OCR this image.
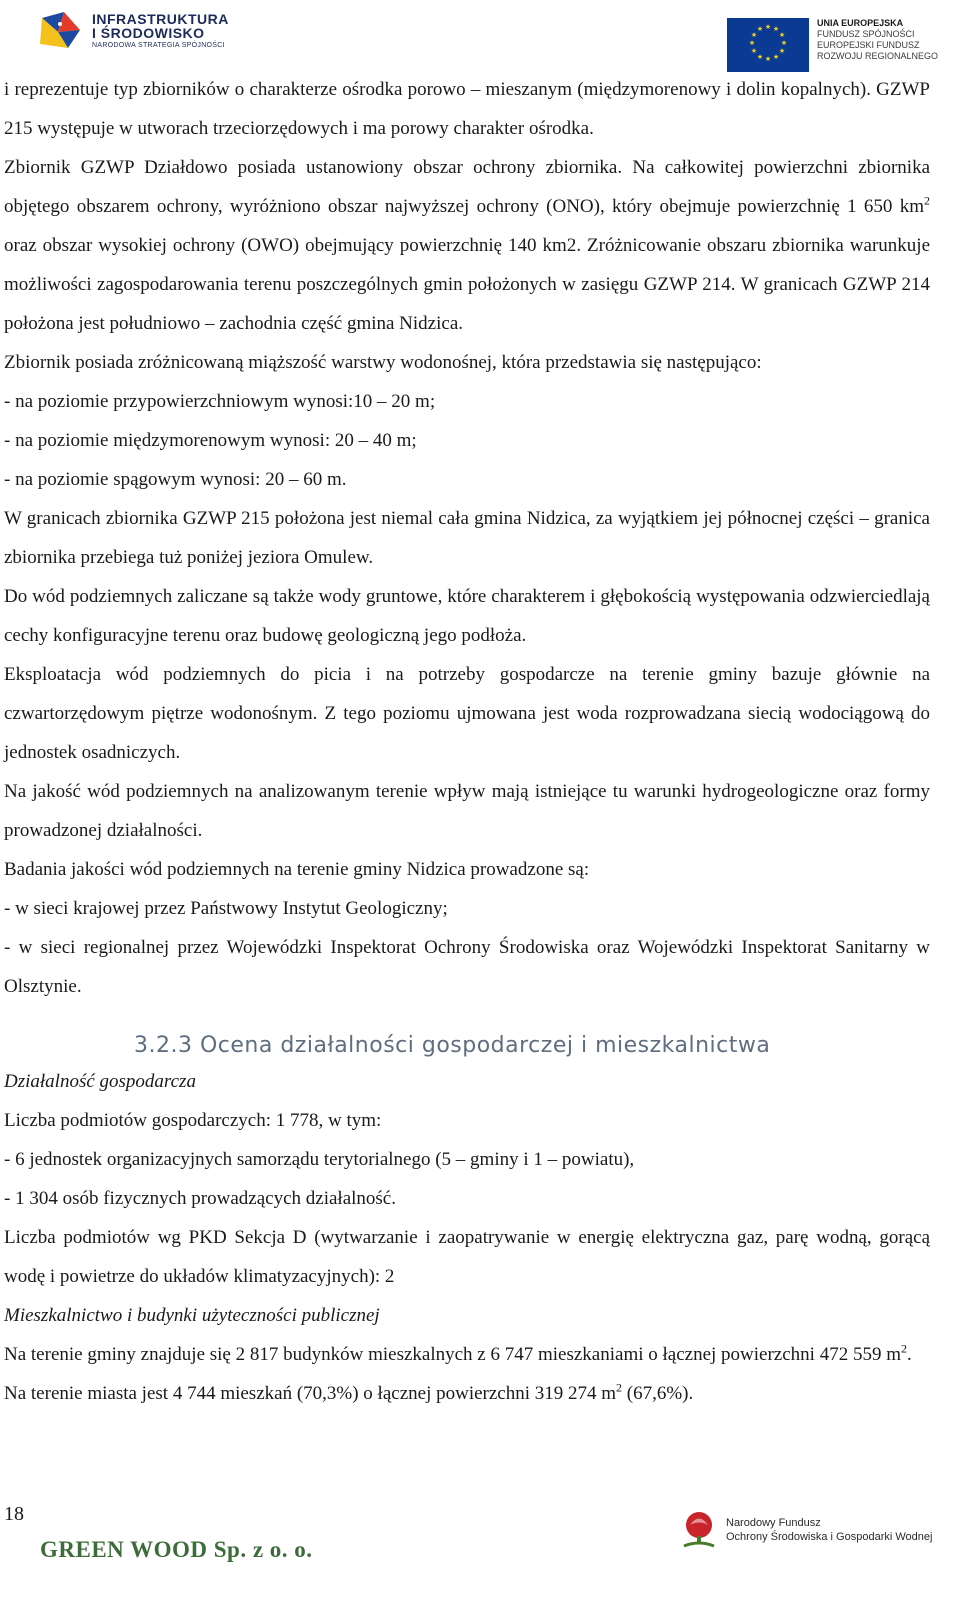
INFRASTRUKTURA
I ŚRODOWISKO
NARODOWA STRATEGIA SPÓJNOŚCI
★ ★
★
★
★
★
★
★
★
★
★
★
UNIA EUROPEJSKA
FUNDUSZ SPÓJNOŚCI
EUROPEJSKI FUNDUSZ
ROZWOJU REGIONALNEGO

i reprezentuje typ zbiorników o charakterze ośrodka porowo – mieszanym (międzymorenowy i dolin kopalnych). GZWP 215 występuje w utworach trzeciorzędowych i ma porowy charakter ośrodka.

Zbiornik GZWP Działdowo posiada ustanowiony obszar ochrony zbiornika. Na całkowitej powierzchni zbiornika objętego obszarem ochrony, wyróżniono obszar najwyższej ochrony (ONO), który obejmuje powierzchnię 1 650 $km^2$ oraz obszar wysokiej ochrony (OWO) obejmujący powierzchnię 140 km2. Zróżnicowanie obszaru zbiornika warunkuje możliwości zagospodarowania terenu poszczególnych gmin położonych w zasięgu GZWP 214. W granicach GZWP 214 położona jest południowo – zachodnia część gmina Nidzica.

Zbiornik posiada zróżnicowaną miąższość warstwy wodonośnej, która przedstawia się następująco:

- na poziomie przypowierzchniowym wynosi:10 – 20 m;

- na poziomie międzymorenowym wynosi: 20 – 40 m;

- na poziomie spągowym wynosi: 20 – 60 m.

W granicach zbiornika GZWP 215 położona jest niemal cała gmina Nidzica, za wyjątkiem jej północnej części – granica zbiornika przebiega tuż poniżej jeziora Omulew.

Do wód podziemnych zaliczane są także wody gruntowe, które charakterem i głębokością występowania odzwierciedlają cechy konfiguracyjne terenu oraz budowę geologiczną jego podłoża.

Eksploatacja wód podziemnych do picia i na potrzeby gospodarcze na terenie gminy bazuje głównie na czwartorzędowym piętrze wodonośnym. Z tego poziomu ujmowana jest woda rozprowadzana siecią wodociągową do jednostek osadniczych.

Na jakość wód podziemnych na analizowanym terenie wpływ mają istniejące tu warunki hydrogeologiczne oraz formy prowadzonej działalności.

Badania jakości wód podziemnych na terenie gminy Nidzica prowadzone są:

- w sieci krajowej przez Państwowy Instytut Geologiczny;

- w sieci regionalnej przez Wojewódzki Inspektorat Ochrony Środowiska oraz Wojewódzki Inspektorat Sanitarny w Olsztynie.

3.2.3 Ocena działalności gospodarczej i mieszkalnictwa

Działalność gospodarcza

Liczba podmiotów gospodarczych: 1 778, w tym:

- 6 jednostek organizacyjnych samorządu terytorialnego (5 – gminy i 1 – powiatu),

- 1 304 osób fizycznych prowadzących działalność.

Liczba podmiotów wg PKD Sekcja D (wytwarzanie i zaopatrywanie w energię elektryczna gaz, parę wodną, gorącą wodę i powietrze do układów klimatyzacyjnych): 2

Mieszkalnictwo i budynki użyteczności publicznej

Na terenie gminy znajduje się 2 817 budynków mieszkalnych z 6 747 mieszkaniami o łącznej powierzchni 472 559 $m^2$.

Na terenie miasta jest 4 744 mieszkań (70,3%) o łącznej powierzchni 319 274 $m^2$ (67,6%).

18
GREEN WOOD Sp. z o. o.
Narodowy Fundusz
Ochrony Środowiska i Gospodarki Wodnej
